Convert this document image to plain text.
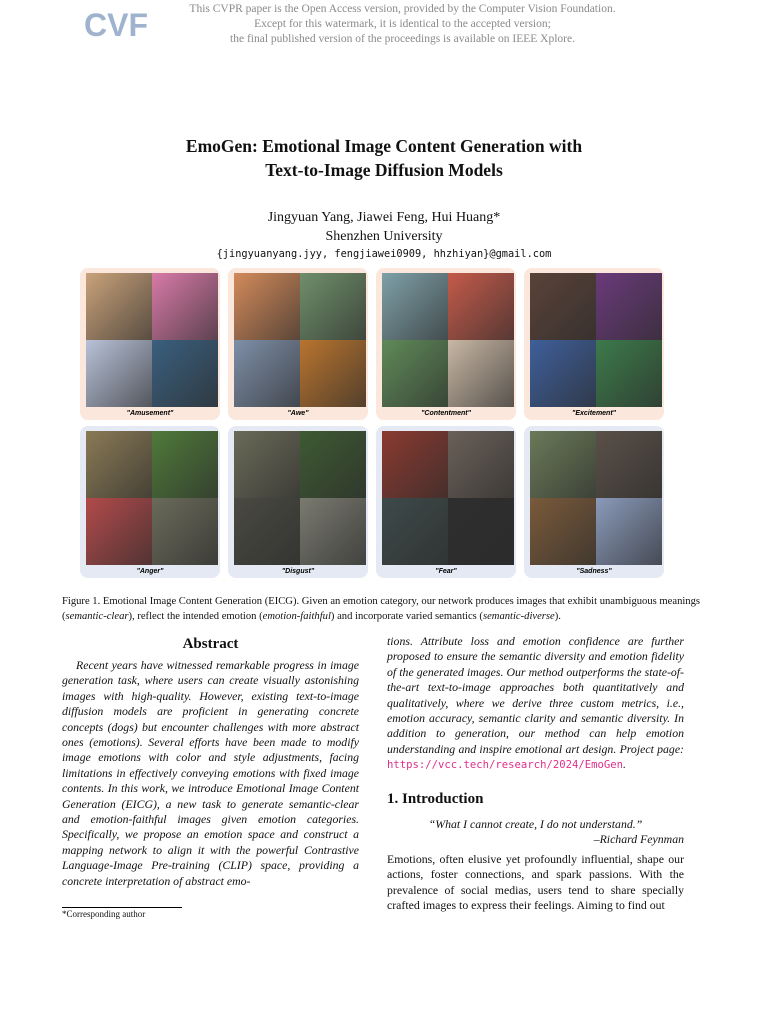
CVF	This CVPR paper is the Open Access version, provided by the Computer Vision Foundation.
Except for this watermark, it is identical to the accepted version;
the final published version of the proceedings is available on IEEE Xplore.
EmoGen: Emotional Image Content Generation with
Text-to-Image Diffusion Models
Jingyuan Yang, Jiawei Feng, Hui Huang*
Shenzhen University
{jingyuanyang.jyy, fengjiawei0909, hhzhiyan}@gmail.com
"Amusement"	"Awe"	"Contentment"	"Excitement"
"Anger"	"Disgust"	"Fear"	"Sadness"
Figure 1. Emotional Image Content Generation (EICG). Given an emotion category, our network produces images that exhibit unambiguous meanings (semantic-clear), reflect the intended emotion (emotion-faithful) and incorporate varied semantics (semantic-diverse).
Abstract

Recent years have witnessed remarkable progress in image generation task, where users can create visually astonishing images with high-quality. However, existing text-to-image diffusion models are proficient in generating concrete concepts (dogs) but encounter challenges with more abstract ones (emotions). Several efforts have been made to modify image emotions with color and style adjustments, facing limitations in effectively conveying emotions with fixed image contents. In this work, we introduce Emotional Image Content Generation (EICG), a new task to generate semantic-clear and emotion-faithful images given emotion categories. Specifically, we propose an emotion space and construct a mapping network to align it with the powerful Contrastive Language-Image Pre-training (CLIP) space, providing a concrete interpretation of abstract emo-

tions. Attribute loss and emotion confidence are further proposed to ensure the semantic diversity and emotion fidelity of the generated images. Our method outperforms the state-of-the-art text-to-image approaches both quantitatively and qualitatively, where we derive three custom metrics, i.e., emotion accuracy, semantic clarity and semantic diversity. In addition to generation, our method can help emotion understanding and inspire emotional art design. Project page: https://vcc.tech/research/2024/EmoGen.

1. Introduction

“What I cannot create, I do not understand.”

–Richard Feynman

Emotions, often elusive yet profoundly influential, shape our actions, foster connections, and spark passions. With the prevalence of social medias, users tend to share specially crafted images to express their feelings. Aiming to find out

*Corresponding author
